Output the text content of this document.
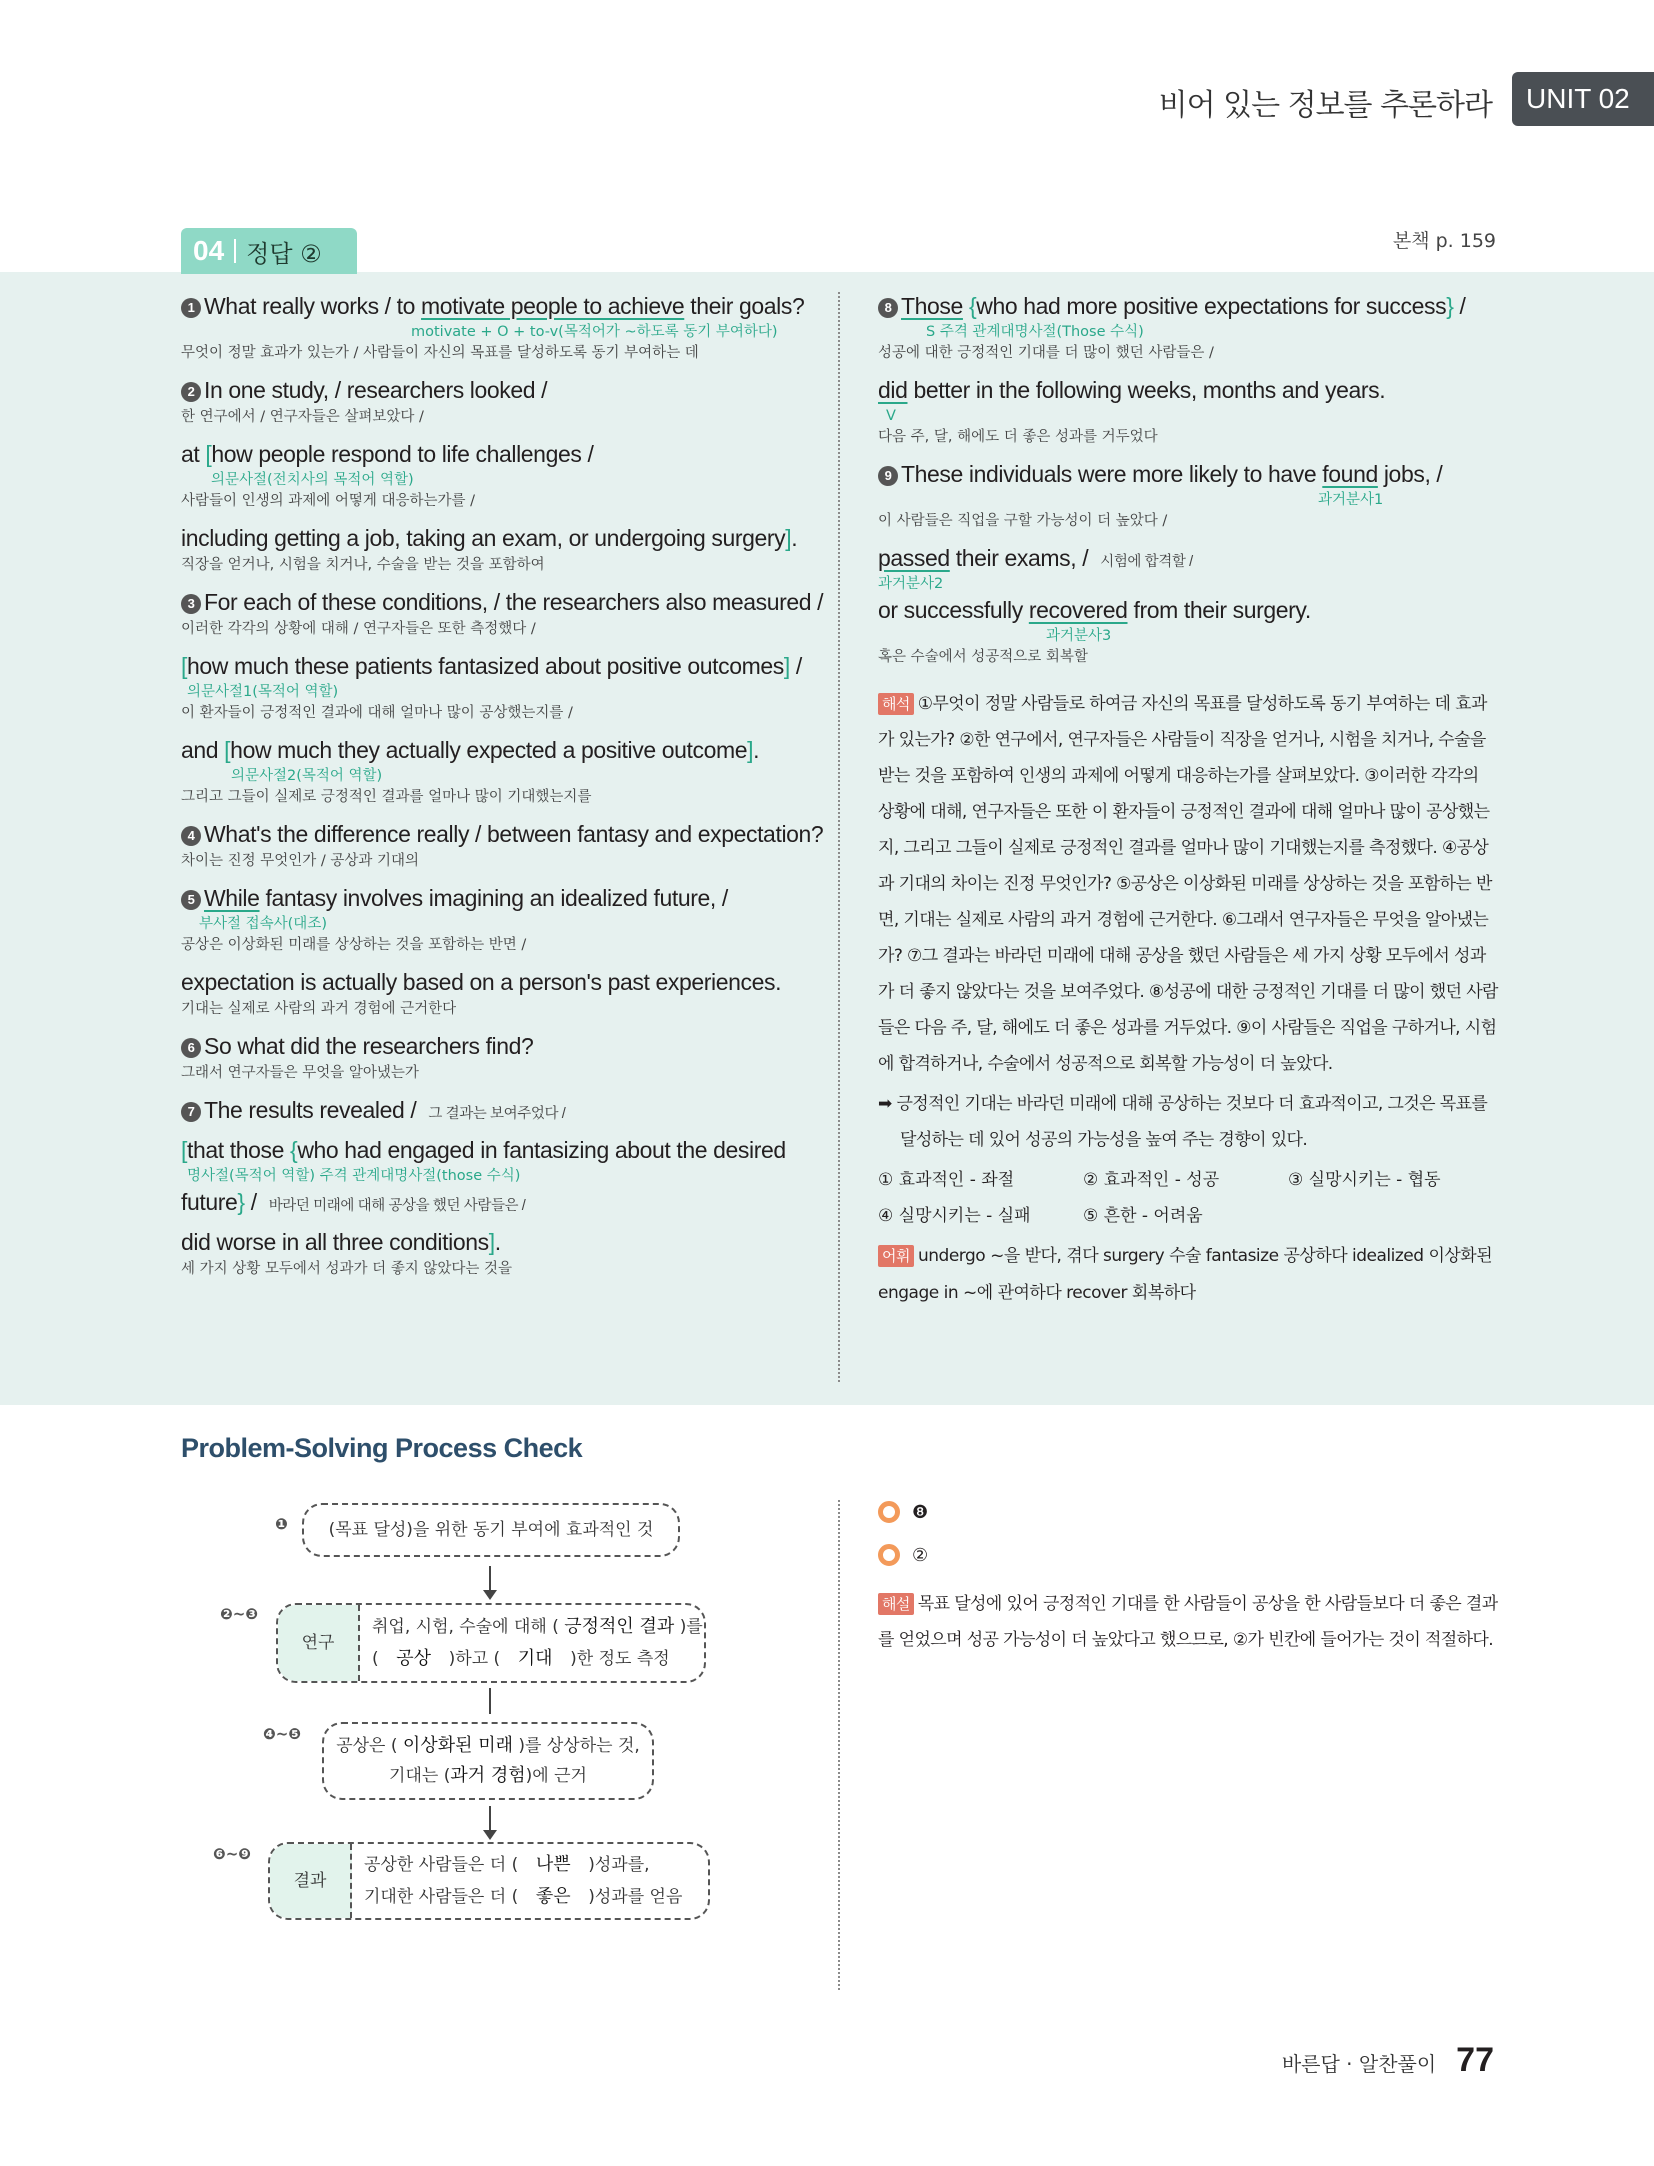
비어 있는 정보를 추론하라	UNIT 02
04 정답 ②	본책 p. 159
1 What really works / to motivate people to achieve their goals?
motivate + O + to-v(목적어가 ~하도록 동기 부여하다)
무엇이 정말 효과가 있는가 / 사람들이 자신의 목표를 달성하도록 동기 부여하는 데
2 In one study, / researchers looked /
한 연구에서 / 연구자들은 살펴보았다 /
at [how people respond to life challenges /
의문사절(전치사의 목적어 역할)
사람들이 인생의 과제에 어떻게 대응하는가를 /
including getting a job, taking an exam, or undergoing surgery].
직장을 얻거나, 시험을 치거나, 수술을 받는 것을 포함하여
3 For each of these conditions, / the researchers also measured /
이러한 각각의 상황에 대해 / 연구자들은 또한 측정했다 /
[how much these patients fantasized about positive outcomes] /
의문사절1(목적어 역할)
이 환자들이 긍정적인 결과에 대해 얼마나 많이 공상했는지를 /
and [how much they actually expected a positive outcome].
의문사절2(목적어 역할)
그리고 그들이 실제로 긍정적인 결과를 얼마나 많이 기대했는지를
4 What's the difference really / between fantasy and expectation?
차이는 진정 무엇인가 / 공상과 기대의
5 While fantasy involves imagining an idealized future, /
부사절 접속사(대조)
공상은 이상화된 미래를 상상하는 것을 포함하는 반면 /
expectation is actually based on a person's past experiences.
기대는 실제로 사람의 과거 경험에 근거한다
6 So what did the researchers find?
그래서 연구자들은 무엇을 알아냈는가
7 The results revealed / 그 결과는 보여주었다 /
[that those {who had engaged in fantasizing about the desired
명사절(목적어 역할) 주격 관계대명사절(those 수식)
future} / 바라던 미래에 대해 공상을 했던 사람들은 /
did worse in all three conditions].
세 가지 상황 모두에서 성과가 더 좋지 않았다는 것을
8 Those {who had more positive expectations for success} /
S 주격 관계대명사절(Those 수식)
성공에 대한 긍정적인 기대를 더 많이 했던 사람들은 /
did better in the following weeks, months and years.
V
다음 주, 달, 해에도 더 좋은 성과를 거두었다
9 These individuals were more likely to have found jobs, /
과거분사1
이 사람들은 직업을 구할 가능성이 더 높았다 /
passed their exams, / 시험에 합격할 /
과거분사2
or successfully recovered from their surgery.
과거분사3
혹은 수술에서 성공적으로 회복할
해석 ①무엇이 정말 사람들로 하여금 자신의 목표를 달성하도록 동기 부여하는 데 효과가 있는가? ②한 연구에서, 연구자들은 사람들이 직장을 얻거나, 시험을 치거나, 수술을 받는 것을 포함하여 인생의 과제에 어떻게 대응하는가를 살펴보았다. ③이러한 각각의 상황에 대해, 연구자들은 또한 이 환자들이 긍정적인 결과에 대해 얼마나 많이 공상했는지, 그리고 그들이 실제로 긍정적인 결과를 얼마나 많이 기대했는지를 측정했다. ④공상과 기대의 차이는 진정 무엇인가? ⑤공상은 이상화된 미래를 상상하는 것을 포함하는 반면, 기대는 실제로 사람의 과거 경험에 근거한다. ⑥그래서 연구자들은 무엇을 알아냈는가? ⑦그 결과는 바라던 미래에 대해 공상을 했던 사람들은 세 가지 상황 모두에서 성과가 더 좋지 않았다는 것을 보여주었다. ⑧성공에 대한 긍정적인 기대를 더 많이 했던 사람들은 다음 주, 달, 해에도 더 좋은 성과를 거두었다. ⑨이 사람들은 직업을 구하거나, 시험에 합격하거나, 수술에서 성공적으로 회복할 가능성이 더 높았다.
➡ 긍정적인 기대는 바라던 미래에 대해 공상하는 것보다 더 효과적이고, 그것은 목표를 달성하는 데 있어 성공의 가능성을 높여 주는 경향이 있다.
① 효과적인 - 좌절	② 효과적인 - 성공	③ 실망시키는 - 협동
④ 실망시키는 - 실패	⑤ 흔한 - 어려움
어휘 undergo ~을 받다, 겪다 surgery 수술 fantasize 공상하다 idealized 이상화된 engage in ~에 관여하다 recover 회복하다
Problem-Solving Process Check
❶ (목표 달성)을 위한 동기 부여에 효과적인 것
❷~❸
연구
취업, 시험, 수술에 대해 ( 긍정적인 결과 )를
( 공상 )하고 ( 기대 )한 정도 측정
❹~❺
공상은 ( 이상화된 미래 )를 상상하는 것,
기대는 (과거 경험)에 근거
❻~❾
결과
공상한 사람들은 더 ( 나쁜 )성과를,
기대한 사람들은 더 ( 좋은 )성과를 얻음
❽
②
해설 목표 달성에 있어 긍정적인 기대를 한 사람들이 공상을 한 사람들보다 더 좋은 결과를 얻었으며 성공 가능성이 더 높았다고 했으므로, ②가 빈칸에 들어가는 것이 적절하다.
바른답 · 알찬풀이 77
